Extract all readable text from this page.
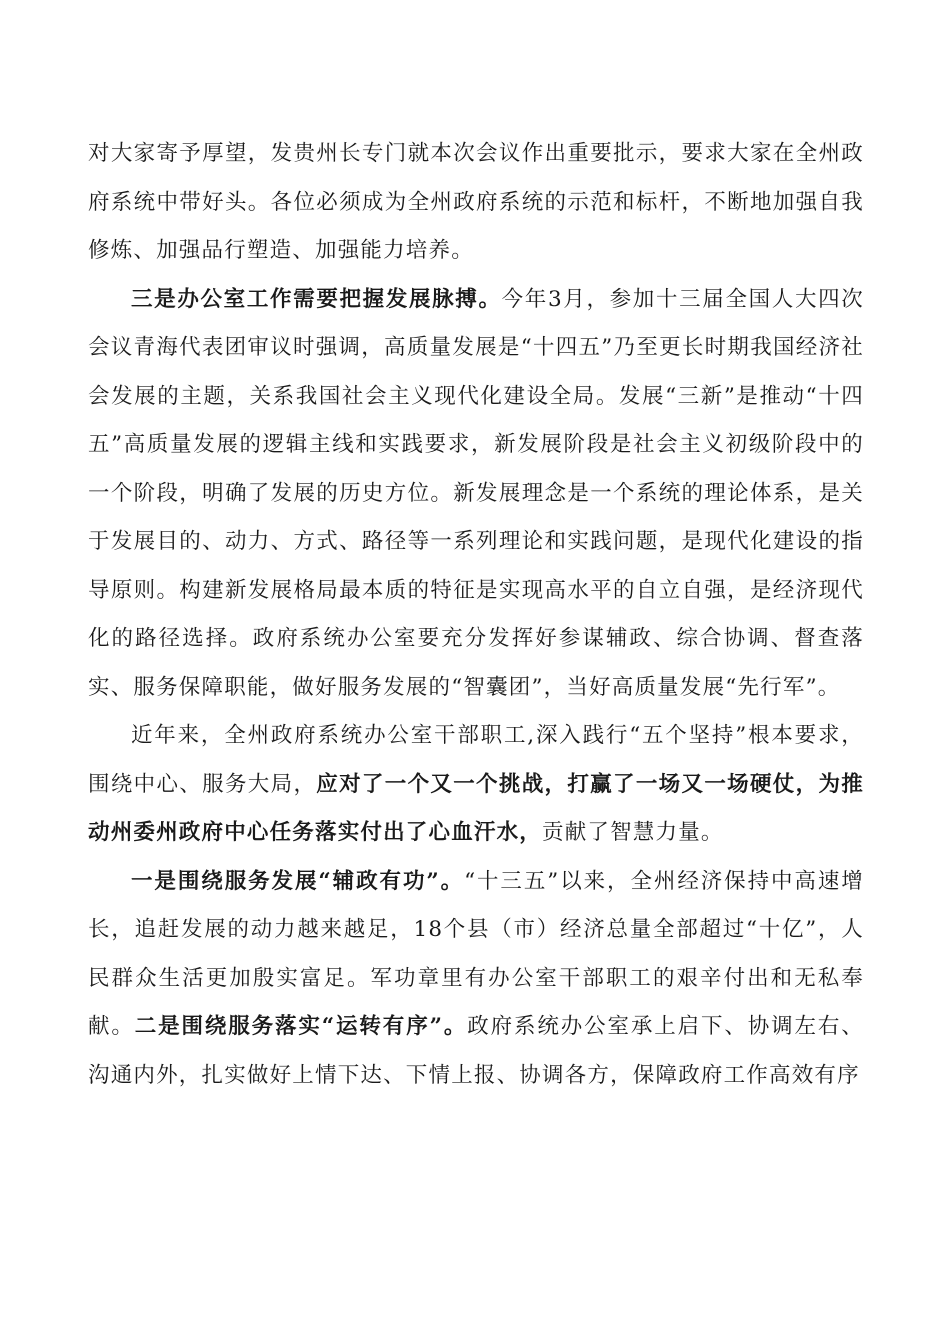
对大家寄予厚望，发贵州长专门就本次会议作出重要批示，要求大家在全州政府系统中带好头。各位必须成为全州政府系统的示范和标杆，不断地加强自我修炼、加强品行塑造、加强能力培养。

三是办公室工作需要把握发展脉搏。今年3月，参加十三届全国人大四次会议青海代表团审议时强调，高质量发展是“十四五”乃至更长时期我国经济社会发展的主题，关系我国社会主义现代化建设全局。发展“三新”是推动“十四五”高质量发展的逻辑主线和实践要求，新发展阶段是社会主义初级阶段中的一个阶段，明确了发展的历史方位。新发展理念是一个系统的理论体系，是关于发展目的、动力、方式、路径等一系列理论和实践问题，是现代化建设的指导原则。构建新发展格局最本质的特征是实现高水平的自立自强，是经济现代化的路径选择。政府系统办公室要充分发挥好参谋辅政、综合协调、督查落实、服务保障职能，做好服务发展的“智囊团”，当好高质量发展“先行军”。

近年来，全州政府系统办公室干部职工,深入践行“五个坚持”根本要求，围绕中心、服务大局，应对了一个又一个挑战，打赢了一场又一场硬仗，为推动州委州政府中心任务落实付出了心血汗水，贡献了智慧力量。

一是围绕服务发展“辅政有功”。“十三五”以来，全州经济保持中高速增长，追赶发展的动力越来越足，18个县（市）经济总量全部超过“十亿”，人民群众生活更加殷实富足。军功章里有办公室干部职工的艰辛付出和无私奉献。二是围绕服务落实“运转有序”。政府系统办公室承上启下、协调左右、沟通内外，扎实做好上情下达、下情上报、协调各方，保障政府工作高效有序
